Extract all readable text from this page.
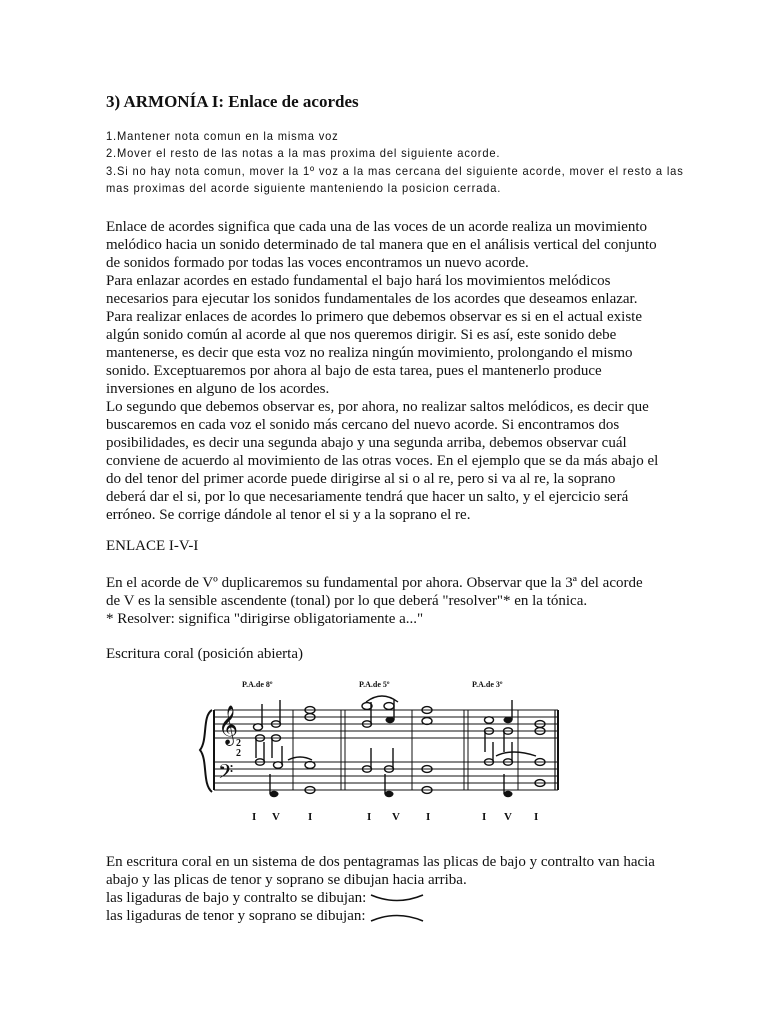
3) ARMONÍA I: Enlace de acordes
1.Mantener nota comun en la misma voz
2.Mover el resto de las notas a la mas proxima del siguiente acorde.
3.Si no hay nota comun, mover la 1º voz a la mas cercana del siguiente acorde, mover el resto a las
mas proximas del acorde siguiente manteniendo la posicion cerrada.
Enlace de acordes significa que cada una de las voces de un acorde realiza un movimiento
melódico hacia un sonido determinado de tal manera que en el análisis vertical del conjunto
de sonidos formado por todas las voces encontramos un nuevo acorde.
Para enlazar acordes en estado fundamental el bajo hará los movimientos melódicos
necesarios para ejecutar los sonidos fundamentales de los acordes que deseamos enlazar.
Para realizar enlaces de acordes lo primero que debemos observar es si en el actual existe
algún sonido común al acorde al que nos queremos dirigir. Si es así, este sonido debe
mantenerse, es decir que esta voz no realiza ningún movimiento, prolongando el mismo
sonido. Exceptuaremos por ahora al bajo de esta tarea, pues el mantenerlo produce
inversiones en alguno de los acordes.
Lo segundo que debemos observar es, por ahora, no realizar saltos melódicos, es decir que
buscaremos en cada voz el sonido más cercano del nuevo acorde. Si encontramos dos
posibilidades, es decir una segunda abajo y una segunda arriba, debemos observar cuál
conviene de acuerdo al movimiento de las otras voces. En el ejemplo que se da más abajo el
do del tenor del primer acorde puede dirigirse al si o al re, pero si va al re, la soprano
deberá dar el si, por lo que necesariamente tendrá que hacer un salto, y el ejercicio será
erróneo. Se corrige dándole al tenor el si y a la soprano el re.
ENLACE I-V-I
En el acorde de Vº duplicaremos su fundamental por ahora. Observar que la 3ª del acorde
de V es la sensible ascendente (tonal) por lo que deberá "resolver"* en la tónica.
* Resolver: significa "dirigirse obligatoriamente a..."
Escritura coral (posición abierta)
P.A.de 8º	P.A.de 5º	P.A.de 3º
𝄞
𝄢
2
2
I V	I	I V I	I V I
En escritura coral en un sistema de dos pentagramas las plicas de bajo y contralto van hacia
abajo y las plicas de tenor y soprano se dibujan hacia arriba.
las ligaduras de bajo y contralto se dibujan:
las ligaduras de tenor y soprano se dibujan:
